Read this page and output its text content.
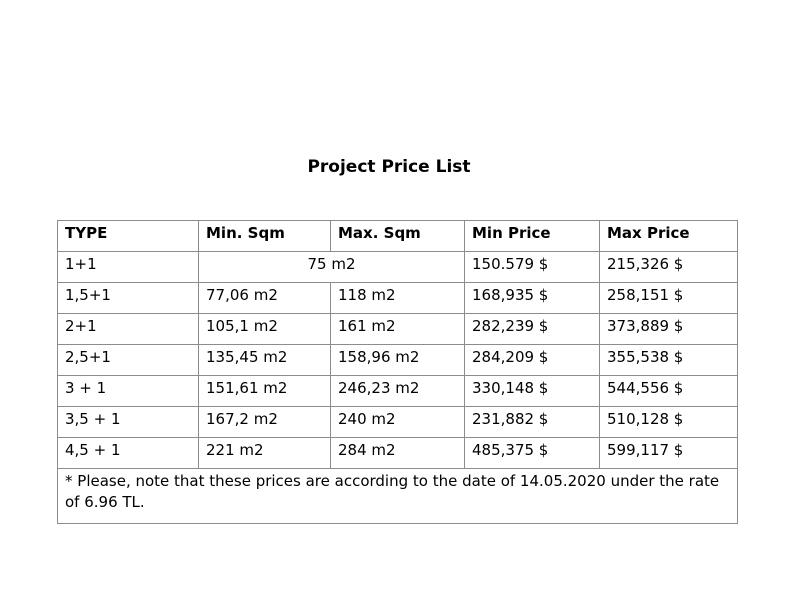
Project Price List
TYPE	Min. Sqm	Max. Sqm	Min Price	Max Price
1+1	75 m2		150.579 $	215,326 $
1,5+1	77,06 m2	118 m2	168,935 $	258,151 $
2+1	105,1 m2	161 m2	282,239 $	373,889 $
2,5+1	135,45 m2	158,96 m2	284,209 $	355,538 $
3 + 1	151,61 m2	246,23 m2	330,148 $	544,556 $
3,5 + 1	167,2 m2	240 m2	231,882 $	510,128 $
4,5 + 1	221 m2	284 m2	485,375 $	599,117 $
* Please, note that these prices are according to the date of 14.05.2020 under the rate of 6.96 TL.				
